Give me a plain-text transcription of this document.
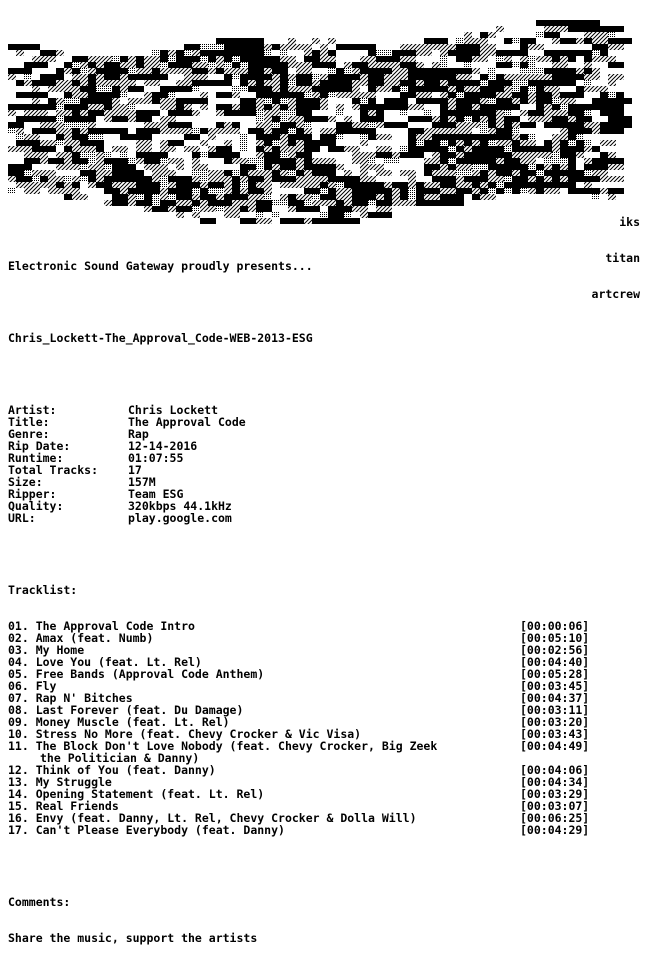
iks

titan

artcrew

Electronic Sound Gateway proudly presents...

Chris_Lockett-The_Approval_Code-WEB-2013-ESG

Artist:	Chris Lockett
Title:	The Approval Code
Genre:	Rap
Rip Date:	12-14-2016
Runtime:	01:07:55
Total Tracks:	17
Size:	157M
Ripper:	Team ESG
Quality:	320kbps 44.1kHz
URL:	play.google.com

Tracklist:

01. The Approval Code Intro	[00:00:06]
02. Amax (feat. Numb)	[00:05:10]
03. My Home	[00:02:56]
04. Love You (feat. Lt. Rel)	[00:04:40]
05. Free Bands (Approval Code Anthem)	[00:05:28]
06. Fly	[00:03:45]
07. Rap N' Bitches	[00:04:37]
08. Last Forever (feat. Du Damage)	[00:03:11]
09. Money Muscle (feat. Lt. Rel)	[00:03:20]
10. Stress No More (feat. Chevy Crocker & Vic Visa)	[00:03:43]
11. The Block Don't Love Nobody (feat. Chevy Crocker, Big Zeek	[00:04:49]
the Politician & Danny)
12. Think of You (feat. Danny)	[00:04:06]
13. My Struggle	[00:04:34]
14. Opening Statement (feat. Lt. Rel)	[00:03:29]
15. Real Friends	[00:03:07]
16. Envy (feat. Danny, Lt. Rel, Chevy Crocker & Dolla Will)	[00:06:25]
17. Can't Please Everybody (feat. Danny)	[00:04:29]

Comments:

Share the music, support the artists
